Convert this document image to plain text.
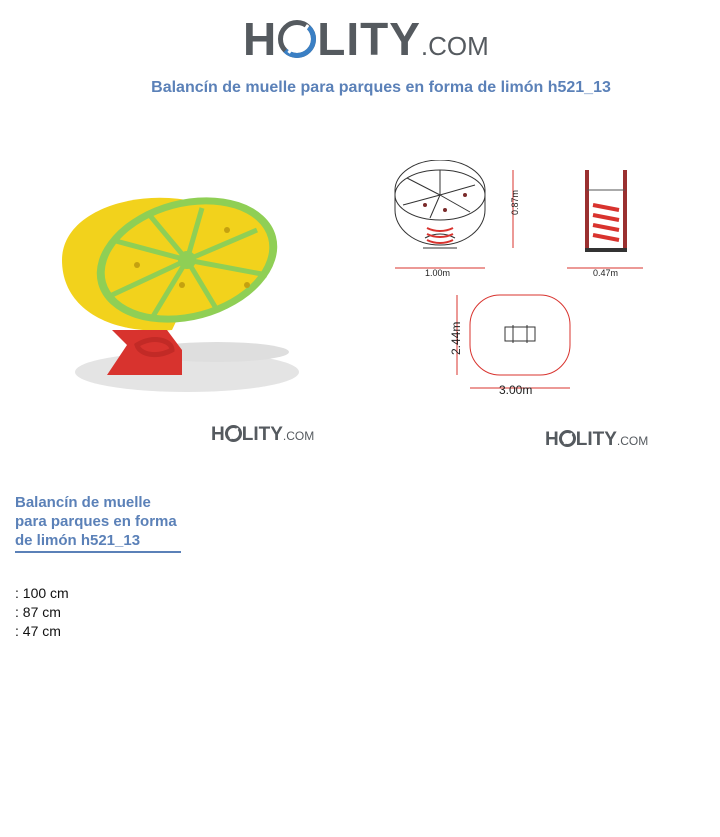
H LITY .COM
Balancín de muelle para parques en forma de limón h521_13
H LITY .COM
1.00m
0.87m
0.47m
2.44m
3.00m
H LITY .COM
Balancín de muelle para parques en forma de limón h521_13
: 100 cm
: 87 cm
: 47 cm
